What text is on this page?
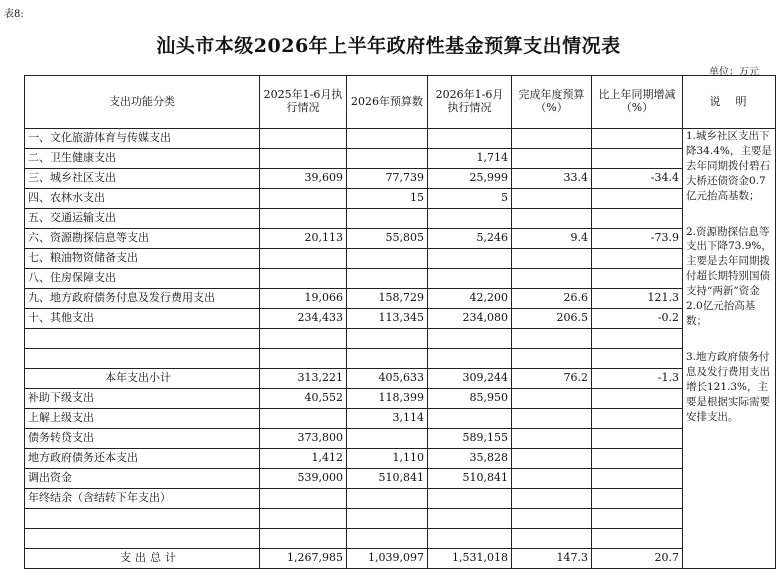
表8:
汕头市本级2026年上半年政府性基金预算支出情况表
单位：万元
支出功能分类	2025年1-6月执行情况	2026年预算数	2026年1-6月执行情况	完成年度预算（%）	比上年同期增减（%）	说　明
一、文化旅游体育与传媒支出						1.城乡社区支出下降34.4%，主要是去年同期拨付碧石大桥还债资金0.7亿元抬高基数；
2.资源勘探信息等支出下降73.9%，主要是去年同期拨付超长期特别国债支持“两新”资金2.0亿元抬高基数；
3.地方政府债务付息及发行费用支出增长121.3%，主要是根据实际需要安排支出。

二、卫生健康支出			1,714			
三、城乡社区支出	39,609	77,739	25,999	33.4	-34.4	
四、农林水支出		15	5			
五、交通运输支出						
六、资源勘探信息等支出	20,113	55,805	5,246	9.4	-73.9	
七、粮油物资储备支出						
八、住房保障支出						
九、地方政府债务付息及发行费用支出	19,066	158,729	42,200	26.6	121.3	
十、其他支出	234,433	113,345	234,080	206.5	-0.2	

本年支出小计	313,221	405,633	309,244	76.2	-1.3	
补助下级支出	40,552	118,399	85,950			
上解上级支出		3,114				
债务转贷支出	373,800		589,155			
地方政府债务还本支出	1,412	1,110	35,828			
调出资金	539,000	510,841	510,841			
年终结余（含结转下年支出）						

支出总计	1,267,985	1,039,097	1,531,018	147.3	20.7	
